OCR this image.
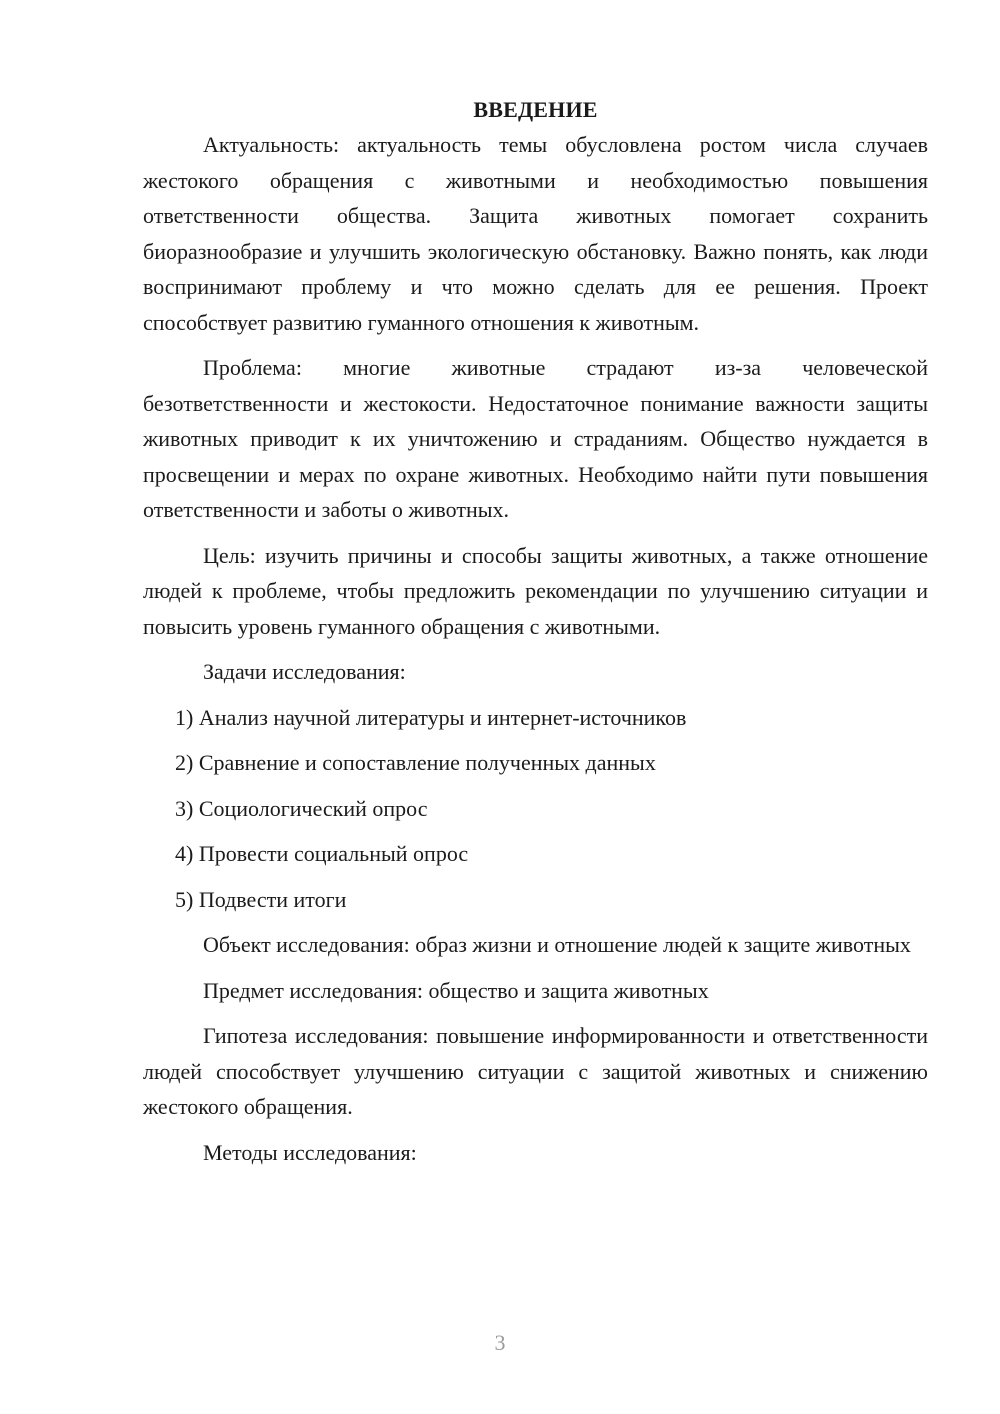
ВВЕДЕНИЕ

Актуальность: актуальность темы обусловлена ростом числа случаев жестокого обращения с животными и необходимостью повышения ответственности общества. Защита животных помогает сохранить биоразнообразие и улучшить экологическую обстановку. Важно понять, как люди воспринимают проблему и что можно сделать для ее решения. Проект способствует развитию гуманного отношения к животным.

Проблема: многие животные страдают из-за человеческой безответственности и жестокости. Недостаточное понимание важности защиты животных приводит к их уничтожению и страданиям. Общество нуждается в просвещении и мерах по охране животных. Необходимо найти пути повышения ответственности и заботы о животных.

Цель: изучить причины и способы защиты животных, а также отношение людей к проблеме, чтобы предложить рекомендации по улучшению ситуации и повысить уровень гуманного обращения с животными.

Задачи исследования:

1) Анализ научной литературы и интернет-источников
2) Сравнение и сопоставление полученных данных
3) Социологический опрос
4) Провести социальный опрос
5) Подвести итоги

Объект исследования: образ жизни и отношение людей к защите животных

Предмет исследования: общество и защита животных

Гипотеза исследования: повышение информированности и ответственности людей способствует улучшению ситуации с защитой животных и снижению жестокого обращения.

Методы исследования:

3
